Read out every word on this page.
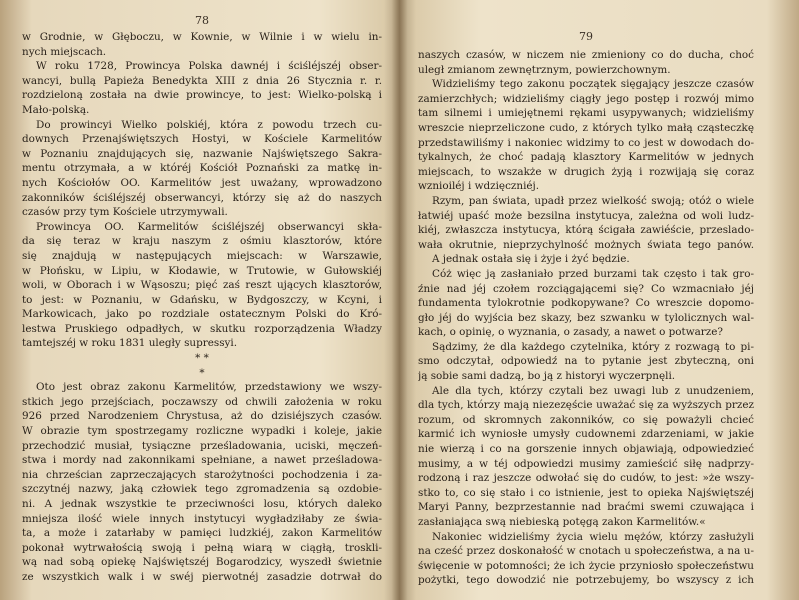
78
w Grodnie, w Głęboczu, w Kownie, w Wilnie i w wielu in-
nych miejscach.
W roku 1728, Prowincya Polska dawnéj i ściśléjszéj obser-
wancyi, bullą Papieża Benedykta XIII z dnia 26 Stycznia r. r.
rozdzieloną została na dwie prowincye, to jest: Wielko-polską i
Mało-polską.
Do prowincyi Wielko polskiéj, która z powodu trzech cu-
downych Przenajświętszych Hostyi, w Kościele Karmelitów
w Poznaniu znajdujących się, nazwanie Najświętszego Sakra-
mentu otrzymała, a w któréj Kościół Poznański za matkę in-
nych Kościołów OO. Karmelitów jest uważany, wprowadzono
zakonników ściśléjszéj obserwancyi, którzy się aż do naszych
czasów przy tym Kościele utrzymywali.
Prowincya OO. Karmelitów ściśléjszéj obserwancyi skła-
da się teraz w kraju naszym z ośmiu klasztorów, które
się znajdują w następujących miejscach: w Warszawie,
w Płońsku, w Lipiu, w Kłodawie, w Trutowie, w Gułowskiéj
woli, w Oborach i w Wąsoszu; pięć zaś reszt ujących klasztorów,
to jest: w Poznaniu, w Gdańsku, w Bydgoszczy, w Kcyni, i
Markowicach, jako po rozdziale ostatecznym Polski do Kró-
lestwa Pruskiego odpadłych, w skutku rozporządzenia Władzy
tamtejszéj w roku 1831 uległy supressyi.
* *
*
Oto jest obraz zakonu Karmelitów, przedstawiony we wszy-
stkich jego przejściach, poczawszy od chwili założenia w roku
926 przed Narodzeniem Chrystusa, aż do dzisiéjszych czasów.
W obrazie tym spostrzegamy rozliczne wypadki i koleje, jakie
przechodzić musiał, tysiączne prześladowania, uciski, męczeń-
stwa i mordy nad zakonnikami spełniane, a nawet prześladowa-
nia chrześcian zaprzeczających starożytności pochodzenia i za-
szczytnéj nazwy, jaką człowiek tego zgromadzenia są ozdobie-
ni. A jednak wszystkie te przeciwności losu, których daleko
mniejsza ilość wiele innych instytucyi wygładziłaby ze świa-
ta, a może i zatarłaby w pamięci ludzkiéj, zakon Karmelitów
pokonał wytrwałością swoją i pełną wiarą w ciągłą, troskli-
wą nad sobą opiekę Najświętszéj Bogarodzicy, wyszedł świetnie
ze wszystkich walk i w swéj pierwotnéj zasadzie dotrwał do
79
naszych czasów, w niczem nie zmieniony co do ducha, choć
uległ zmianom zewnętrznym, powierzchownym.
Widzieliśmy tego zakonu początek sięgający jeszcze czasów
zamierzchłych; widzieliśmy ciągły jego postęp i rozwój mimo
tam silnemi i umiejętnemi rękami usypywanych; widzieliśmy
wreszcie nieprzeliczone cudo, z których tylko małą cząsteczkę
przedstawiliśmy i nakoniec widzimy to co jest w dowodach do-
tykalnych, że choć padają klasztory Karmelitów w jednych
miejscach, to wszakże w drugich żyją i rozwijają się coraz
wznioiléj i wdzięczniéj.
Rzym, pan świata, upadł przez wielkość swoją; otóż o wiele
łatwiéj upaść może bezsilna instytucya, zależna od woli ludz-
kiéj, zwłaszcza instytucya, którą ścigała zawiéście, przeslado-
wała okrutnie, nieprzychylność możnych świata tego panów.
A jednak ostała się i żyje i żyć będzie.
Cóż więc ją zasłaniało przed burzami tak często i tak gro-
źnie nad jéj czołem rozciągającemi się? Co wzmacniało jéj
fundamenta tylokrotnie podkopywane? Co wreszcie dopomo-
gło jéj do wyjścia bez skazy, bez szwanku w tylolicznych wal-
kach, o opinię, o wyznania, o zasady, a nawet o potwarze?
Sądzimy, że dla każdego czytelnika, który z rozwagą to pi-
smo odczytał, odpowiedź na to pytanie jest zbyteczną, oni
ją sobie sami dadzą, bo ją z historyi wyczerpnęli.
Ale dla tych, którzy czytali bez uwagi lub z unudzeniem,
dla tych, którzy mają niezezęście uważać się za wyższych przez
rozum, od skromnych zakonników, co się poważyli chcieć
karmić ich wyniosłe umysły cudownemi zdarzeniami, w jakie
nie wierzą i co na gorszenie innych objawiają, odpowiedzieć
musimy, a w téj odpowiedzi musimy zamieścić siłę nadprzy-
rodzoną i raz jeszcze odwołać się do cudów, to jest: »że wszy-
stko to, co się stało i co istnienie, jest to opieka Najświętszéj
Maryi Panny, bezprzestannie nad braćmi swemi czuwająca i
zasłaniająca swą niebieską potęgą zakon Karmelitów.«
Nakoniec widzieliśmy życia wielu mężów, którzy zasłużyli
na cześć przez doskonałość w cnotach u społeczeństwa, a na u-
święcenie w potomności; że ich życie przyniosło społeczeństwu
pożytki, tego dowodzić nie potrzebujemy, bo wszyscy z ich
